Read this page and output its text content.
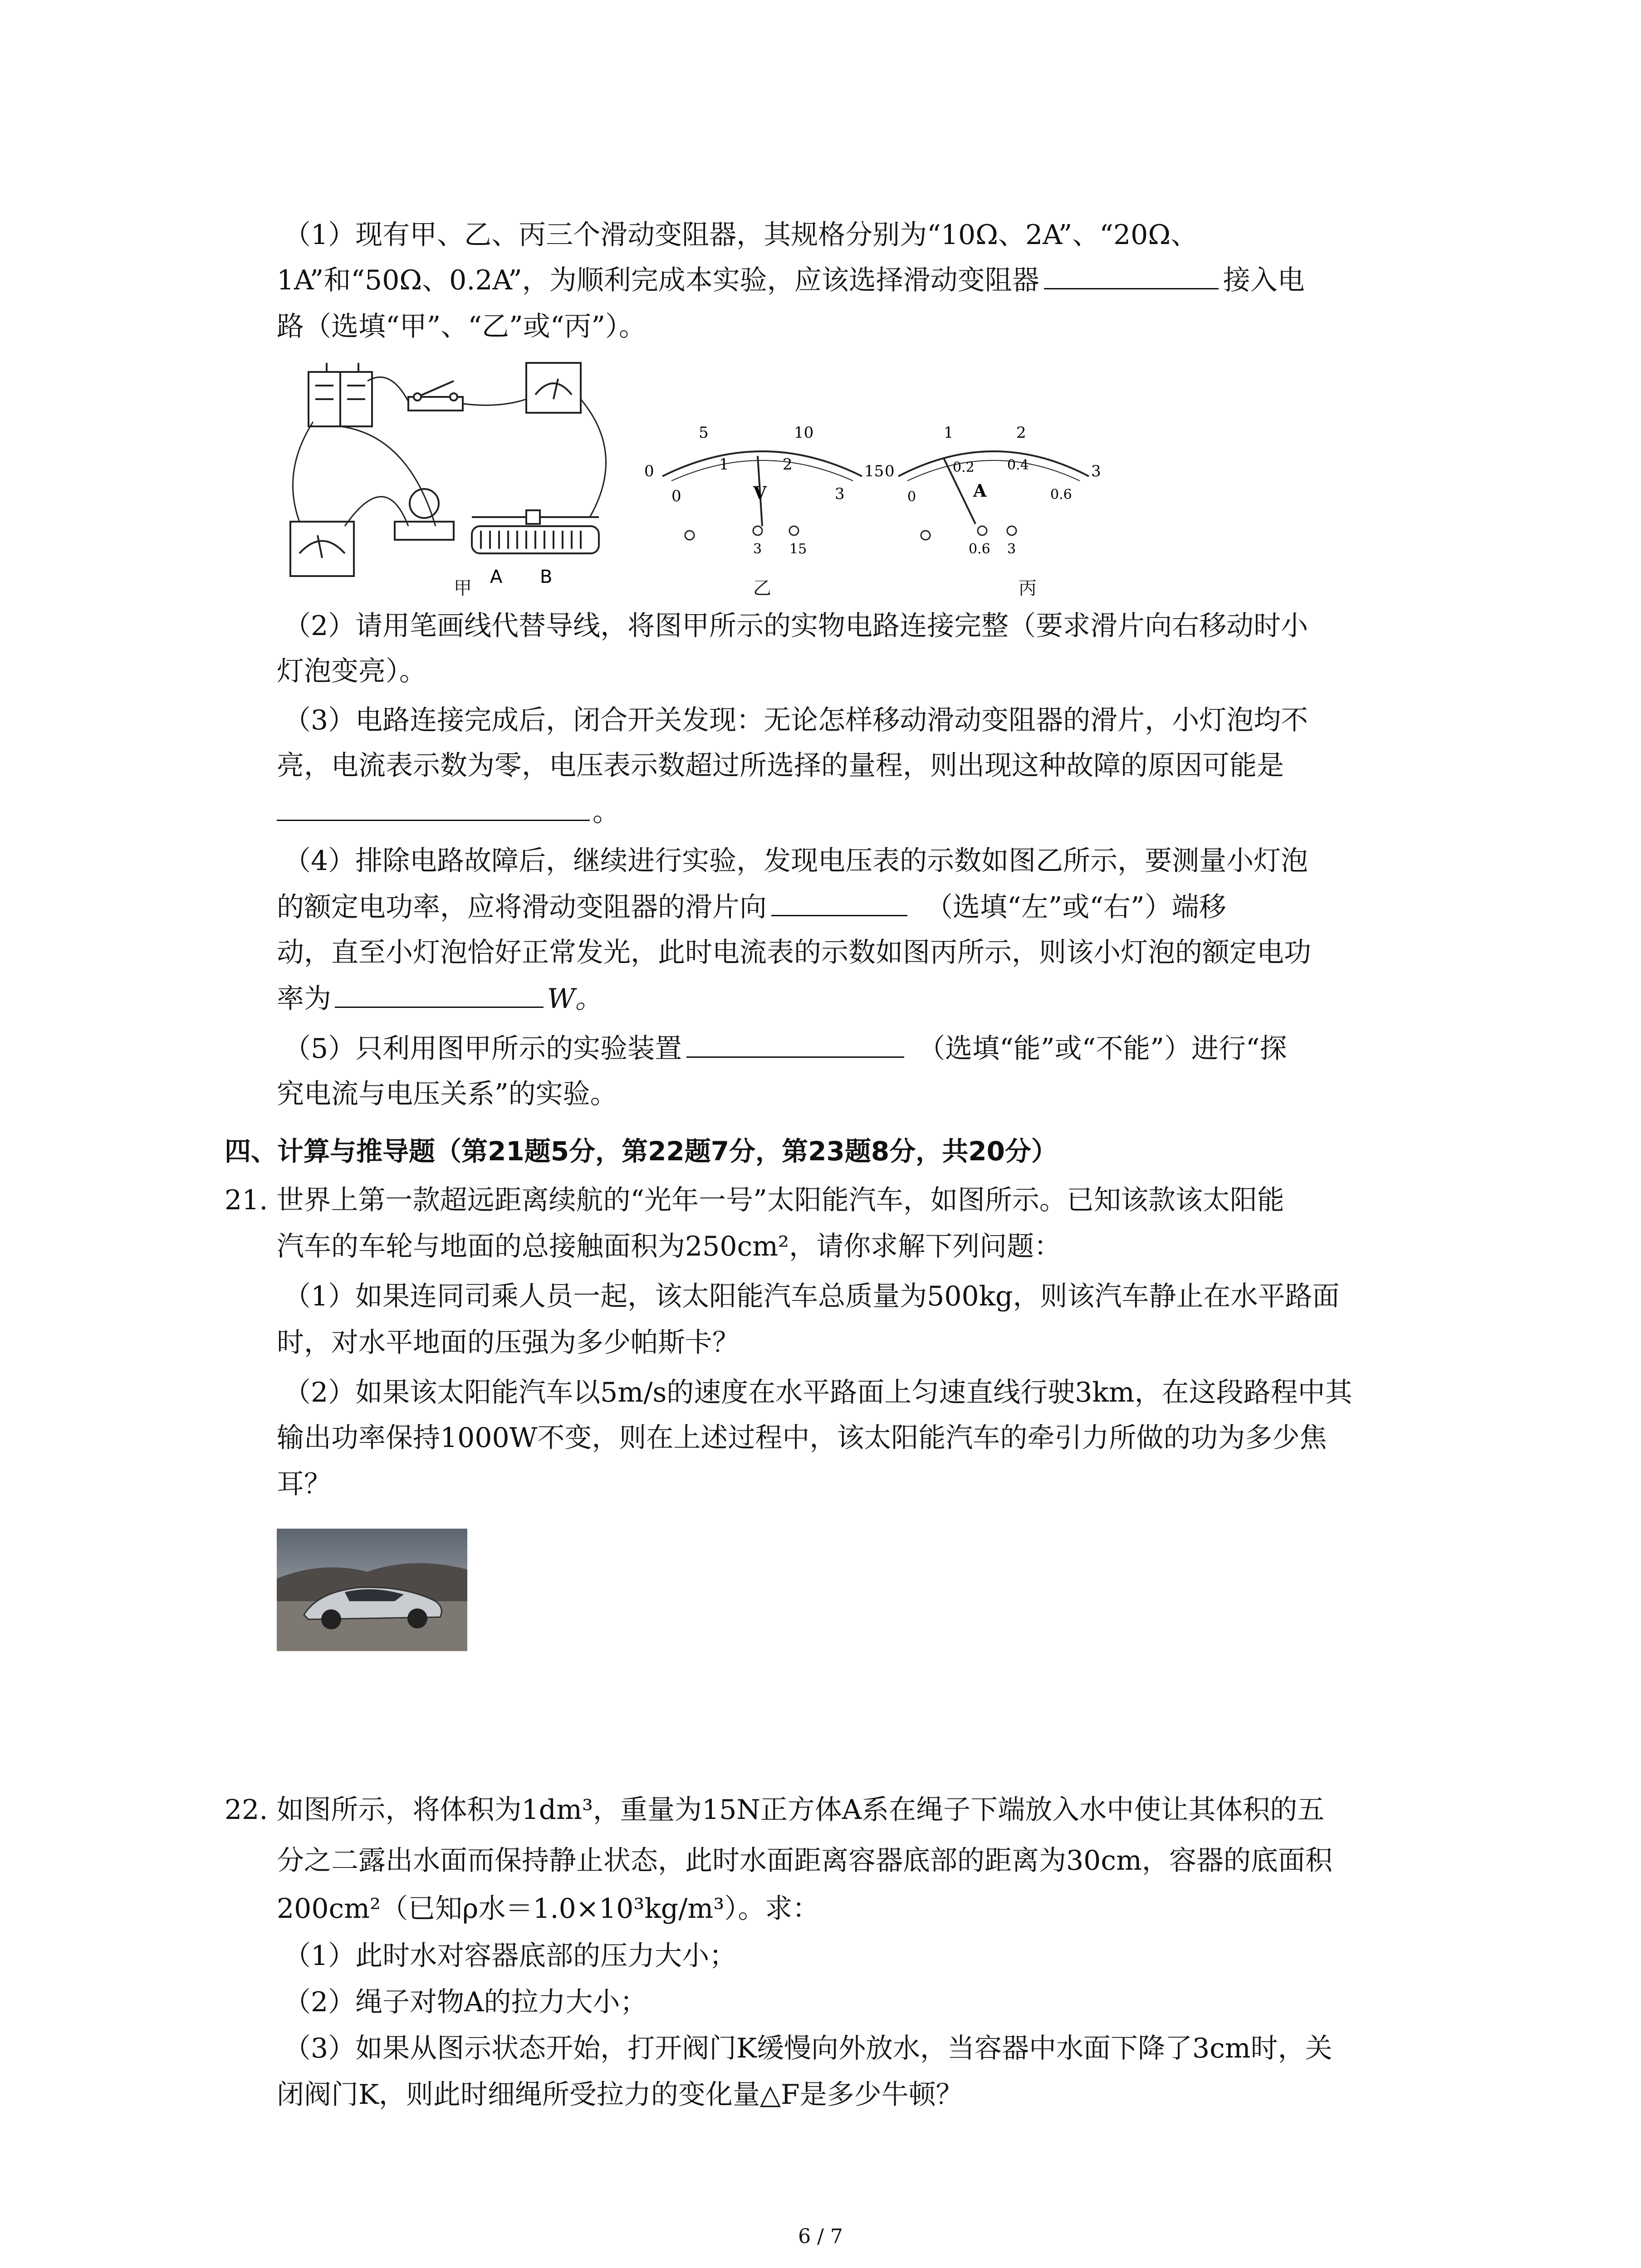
（1）现有甲、乙、丙三个滑动变阻器，其规格分别为“10Ω、2A”、“20Ω、
1A”和“50Ω、0.2A”，为顺利完成本实验，应该选择滑动变阻器	接入电
路（选填“甲”、“乙”或“丙”）。
A B
甲
5	10
0	15
0
1	2
3
V
3 15
乙
1	2
0	3
0
0.2 0.4
0.6
A
0.6 3
丙
（2）请用笔画线代替导线，将图甲所示的实物电路连接完整（要求滑片向右移动时小
灯泡变亮）。
（3）电路连接完成后，闭合开关发现：无论怎样移动滑动变阻器的滑片，小灯泡均不
亮，电流表示数为零，电压表示数超过所选择的量程，则出现这种故障的原因可能是
。
（4）排除电路故障后，继续进行实验，发现电压表的示数如图乙所示，要测量小灯泡
的额定电功率，应将滑动变阻器的滑片向	（选填“左”或“右”）端移
动，直至小灯泡恰好正常发光，此时电流表的示数如图丙所示，则该小灯泡的额定电功
率为	W。
（5）只利用图甲所示的实验装置	（选填“能”或“不能”）进行“探
究电流与电压关系”的实验。
四、计算与推导题（第21题5分，第22题7分，第23题8分，共20分）
21. 世界上第一款超远距离续航的“光年一号”太阳能汽车，如图所示。已知该款该太阳能
汽车的车轮与地面的总接触面积为250cm²，请你求解下列问题：
（1）如果连同司乘人员一起，该太阳能汽车总质量为500kg，则该汽车静止在水平路面
时，对水平地面的压强为多少帕斯卡？
（2）如果该太阳能汽车以5m/s的速度在水平路面上匀速直线行驶3km，在这段路程中其
输出功率保持1000W不变，则在上述过程中，该太阳能汽车的牵引力所做的功为多少焦
耳？
22. 如图所示，将体积为1dm³，重量为15N正方体A系在绳子下端放入水中使让其体积的五
分之二露出水面而保持静止状态，此时水面距离容器底部的距离为30cm，容器的底面积
200cm²（已知ρ水＝1.0×10³kg/m³）。求：
（1）此时水对容器底部的压力大小；
（2）绳子对物A的拉力大小；
（3）如果从图示状态开始，打开阀门K缓慢向外放水，当容器中水面下降了3cm时，关
闭阀门K，则此时细绳所受拉力的变化量△F是多少牛顿？
6 / 7
